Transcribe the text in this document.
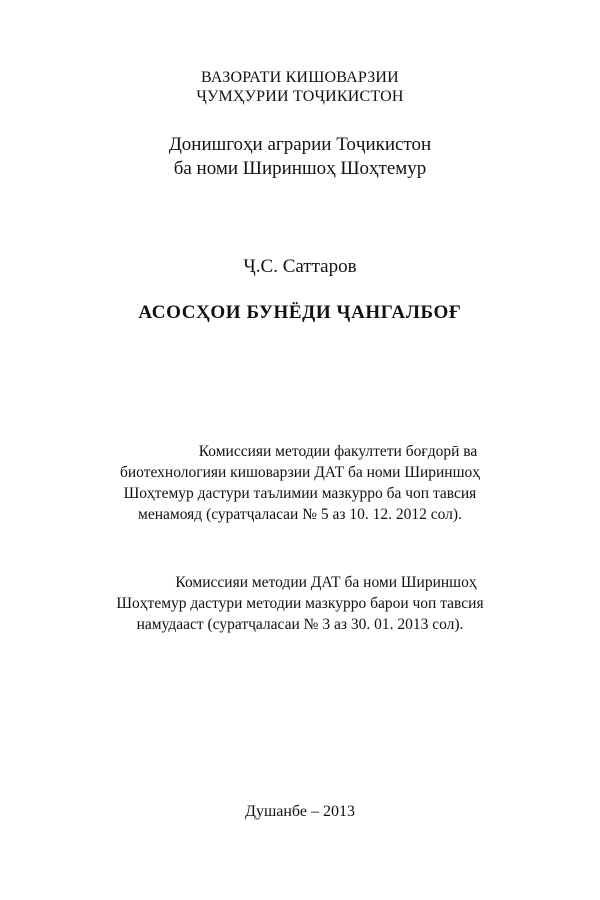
ВАЗОРАТИ КИШОВАРЗИИ
ҶУМҲУРИИ ТОҶИКИСТОН
Донишгоҳи аграрии Тоҷикистон
ба номи Шириншоҳ Шоҳтемур
Ҷ.С. Саттаров
АСОСҲОИ БУНЁДИ ҶАНГАЛБОҒ
Комиссияи методии факултети боғдорӣ ва
биотехнологияи кишоварзии ДАТ ба номи Шириншоҳ
Шоҳтемур дастури таълимии мазкурро ба чоп тавсия
менамояд (суратҷаласаи № 5 аз 10. 12. 2012 сол).
Комиссияи методии ДАТ ба номи Шириншоҳ
Шоҳтемур дастури методии мазкурро барои чоп тавсия
намудааст (суратҷаласаи № 3 аз 30. 01. 2013 сол).
Душанбе – 2013
